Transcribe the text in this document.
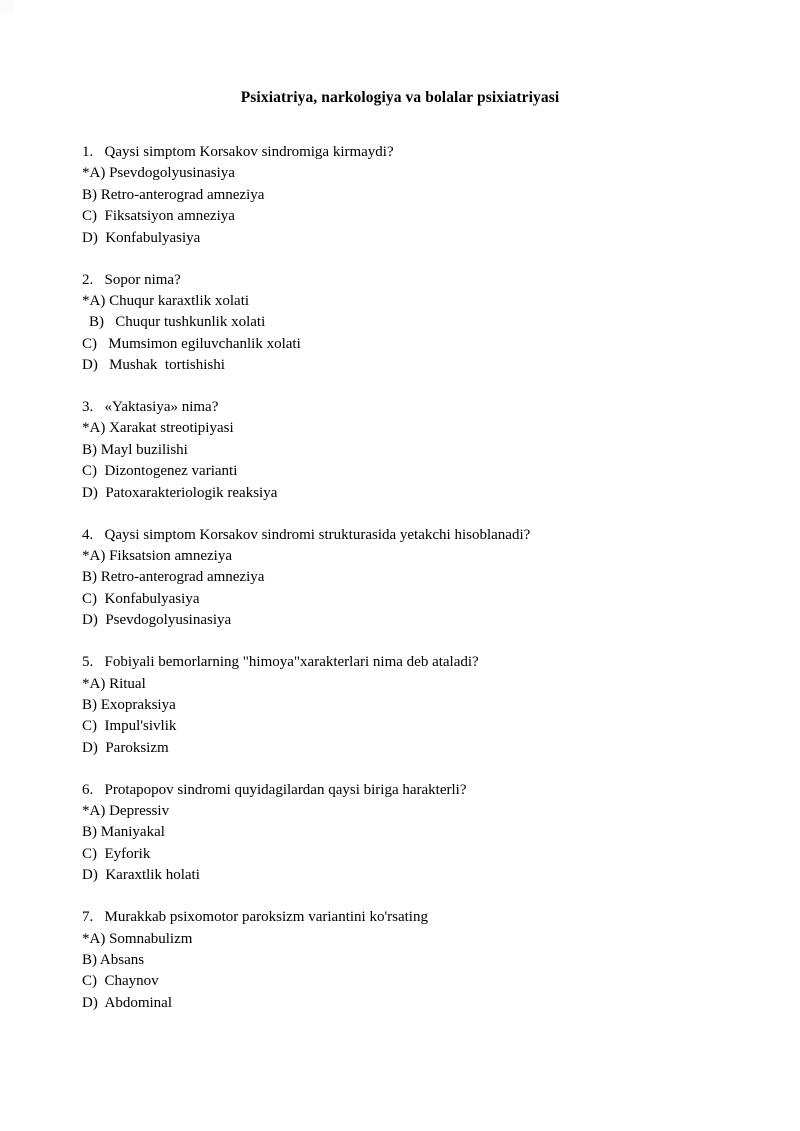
Psixiatriya, narkologiya va bolalar psixiatriyasi
1.   Qaysi simptom Korsakov sindromiga kirmaydi?
*A) Psevdogolyusinasiya
B) Retro-anterograd amneziya
C)  Fiksatsiyon amneziya
D)  Konfabulyasiya
2.   Sopor nima?
*A) Chuqur karaxtlik xolati
B)   Chuqur tushkunlik xolati
C)   Mumsimon egiluvchanlik xolati
D)   Mushak  tortishishi
3.   «Yaktasiya» nima?
*A) Xarakat streotipiyasi
B) Mayl buzilishi
C)  Dizontogenez varianti
D)  Patoxarakteriologik reaksiya
4.   Qaysi simptom Korsakov sindromi strukturasida yetakchi hisoblanadi?
*A) Fiksatsion amneziya
B) Retro-anterograd amneziya
C)  Konfabulyasiya
D)  Psevdogolyusinasiya
5.   Fobiyali bemorlarning "himoya"xarakterlari nima deb ataladi?
*A) Ritual
B) Exopraksiya
C)  Impul'sivlik
D)  Paroksizm
6.   Protapopov sindromi quyidagilardan qaysi biriga harakterli?
*A) Depressiv
B) Maniyakal
C)  Eyforik
D)  Karaxtlik holati
7.   Murakkab psixomotor paroksizm variantini ko'rsating
*A) Somnabulizm
B) Absans
C)  Chaynov
D)  Abdominal
